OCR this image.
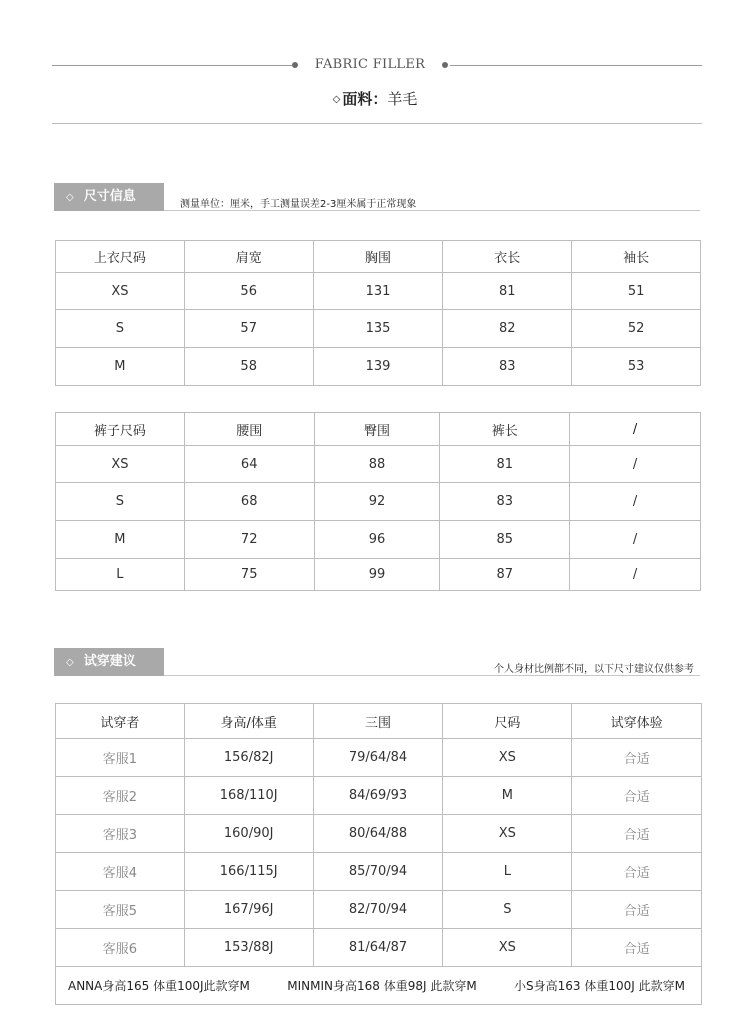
FABRIC FILLER
◇ 面料：羊毛
◇ 尺寸信息
测量单位：厘米，手工测量误差2-3厘米属于正常现象
上衣尺码	肩宽	胸围	衣长	袖长
XS	56	131	81	51
S	57	135	82	52
M	58	139	83	53
裤子尺码	腰围	臀围	裤长	/
XS	64	88	81	/
S	68	92	83	/
M	72	96	85	/
L	75	99	87	/
◇ 试穿建议
个人身材比例都不同，以下尺寸建议仅供参考
试穿者	身高/体重	三围	尺码	试穿体验
客服1	156/82J	79/64/84	XS	合适
客服2	168/110J	84/69/93	M	合适
客服3	160/90J	80/64/88	XS	合适
客服4	166/115J	85/70/94	L	合适
客服5	167/96J	82/70/94	S	合适
客服6	153/88J	81/64/87	XS	合适

ANNA身高165 体重100J此款穿M MINMIN身高168 体重98J 此款穿M 小S身高163 体重100J 此款穿M				
